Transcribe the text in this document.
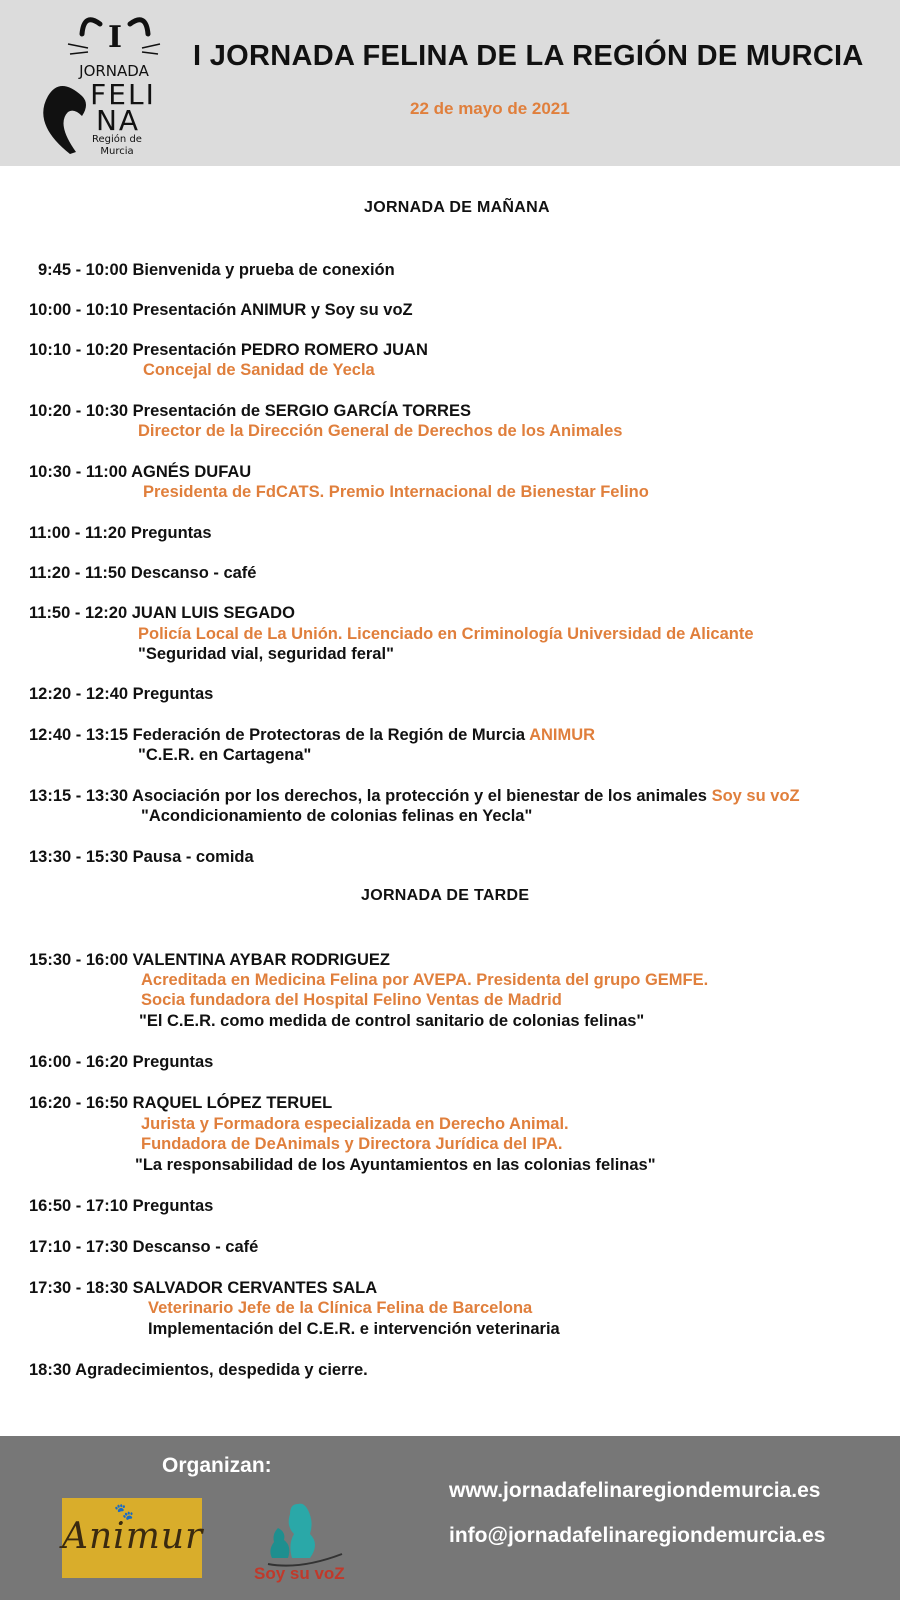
I
JORNADA
FELI
NA
Región de
Murcia
I JORNADA FELINA DE LA REGIÓN DE MURCIA
22 de mayo de 2021
JORNADA DE MAÑANA
9:45 - 10:00 Bienvenida y prueba de conexión
10:00 - 10:10 Presentación ANIMUR y Soy su voZ
10:10 - 10:20 Presentación PEDRO ROMERO JUAN
Concejal de Sanidad de Yecla
10:20 - 10:30 Presentación de SERGIO GARCÍA TORRES
Director de la Dirección General de Derechos de los Animales
10:30 - 11:00 AGNÉS DUFAU
Presidenta de FdCATS. Premio Internacional de Bienestar Felino
11:00 - 11:20 Preguntas
11:20 - 11:50 Descanso - café
11:50 - 12:20 JUAN LUIS SEGADO
Policía Local de La Unión. Licenciado en Criminología Universidad de Alicante
"Seguridad vial, seguridad feral"
12:20 - 12:40 Preguntas
12:40 - 13:15 Federación de Protectoras de la Región de Murcia ANIMUR
"C.E.R. en Cartagena"
13:15 - 13:30 Asociación por los derechos, la protección y el bienestar de los animales Soy su voZ
"Acondicionamiento de colonias felinas en Yecla"
13:30 - 15:30 Pausa - comida
JORNADA DE TARDE
15:30 - 16:00 VALENTINA AYBAR RODRIGUEZ
Acreditada en Medicina Felina por AVEPA. Presidenta del grupo GEMFE.
Socia fundadora del Hospital Felino Ventas de Madrid
"El C.E.R. como medida de control sanitario de colonias felinas"
16:00 - 16:20 Preguntas
16:20 - 16:50 RAQUEL LÓPEZ TERUEL
Jurista y Formadora especializada en Derecho Animal.
Fundadora de DeAnimals y Directora Jurídica del IPA.
"La responsabilidad de los Ayuntamientos en las colonias felinas"
16:50 - 17:10 Preguntas
17:10 - 17:30 Descanso - café
17:30 - 18:30 SALVADOR CERVANTES SALA
Veterinario Jefe de la Clínica Felina de Barcelona
Implementación del C.E.R. e intervención veterinaria
18:30 Agradecimientos, despedida y cierre.
Organizan:
🐾
Animur
Soy su voZ
www.jornadafelinaregiondemurcia.es
info@jornadafelinaregiondemurcia.es
